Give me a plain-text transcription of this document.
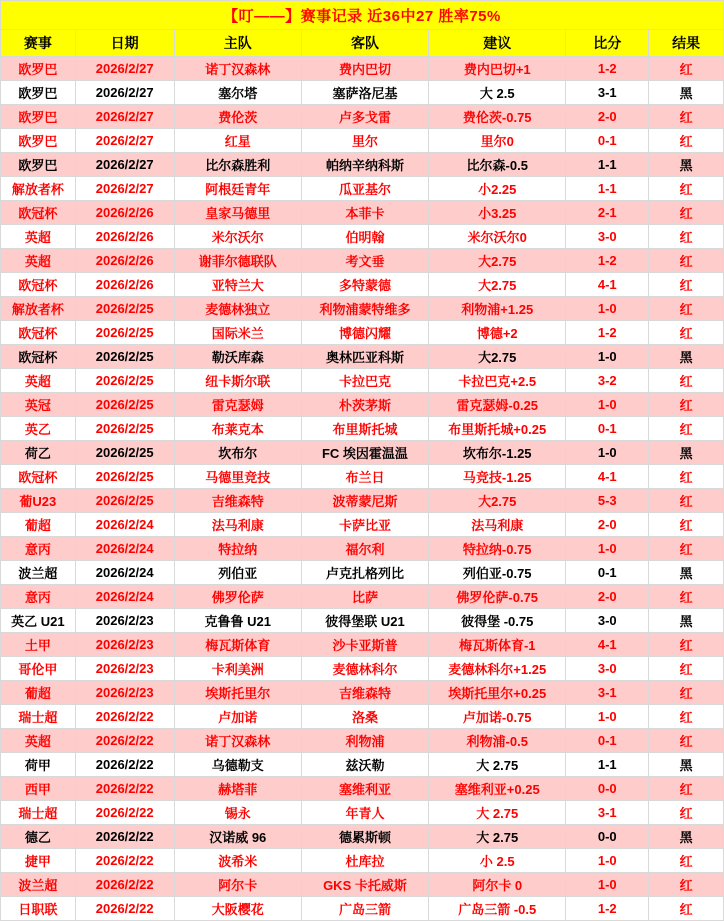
【叮——】赛事记录 近36中27 胜率75%						
赛事	日期	主队	客队	建议	比分	结果
欧罗巴	2026/2/27	诺丁汉森林	费内巴切	费内巴切+1	1-2	红
欧罗巴	2026/2/27	塞尔塔	塞萨洛尼基	大 2.5	3-1	黑
欧罗巴	2026/2/27	费伦茨	卢多戈雷	费伦茨-0.75	2-0	红
欧罗巴	2026/2/27	红星	里尔	里尔0	0-1	红
欧罗巴	2026/2/27	比尔森胜利	帕纳辛纳科斯	比尔森-0.5	1-1	黑
解放者杯	2026/2/27	阿根廷青年	瓜亚基尔	小2.25	1-1	红
欧冠杯	2026/2/26	皇家马德里	本菲卡	小3.25	2-1	红
英超	2026/2/26	米尔沃尔	伯明翰	米尔沃尔0	3-0	红
英超	2026/2/26	谢菲尔德联队	考文垂	大2.75	1-2	红
欧冠杯	2026/2/26	亚特兰大	多特蒙德	大2.75	4-1	红
解放者杯	2026/2/25	麦德林独立	利物浦蒙特维多	利物浦+1.25	1-0	红
欧冠杯	2026/2/25	国际米兰	博德闪耀	博德+2	1-2	红
欧冠杯	2026/2/25	勒沃库森	奥林匹亚科斯	大2.75	1-0	黑
英超	2026/2/25	纽卡斯尔联	卡拉巴克	卡拉巴克+2.5	3-2	红
英冠	2026/2/25	雷克瑟姆	朴茨茅斯	雷克瑟姆-0.25	1-0	红
英乙	2026/2/25	布莱克本	布里斯托城	布里斯托城+0.25	0-1	红
荷乙	2026/2/25	坎布尔	FC 埃因霍温温	坎布尔-1.25	1-0	黑
欧冠杯	2026/2/25	马德里竞技	布兰日	马竞技-1.25	4-1	红
葡U23	2026/2/25	吉维森特	波蒂蒙尼斯	大2.75	5-3	红
葡超	2026/2/24	法马利康	卡萨比亚	法马利康	2-0	红
意丙	2026/2/24	特拉纳	福尔利	特拉纳-0.75	1-0	红
波兰超	2026/2/24	列伯亚	卢克扎格列比	列伯亚-0.75	0-1	黑
意丙	2026/2/24	佛罗伦萨	比萨	佛罗伦萨-0.75	2-0	红
英乙 U21	2026/2/23	克鲁鲁 U21	彼得堡联 U21	彼得堡 -0.75	3-0	黑
土甲	2026/2/23	梅瓦斯体育	沙卡亚斯普	梅瓦斯体育-1	4-1	红
哥伦甲	2026/2/23	卡利美洲	麦德林科尔	麦德林科尔+1.25	3-0	红
葡超	2026/2/23	埃斯托里尔	吉维森特	埃斯托里尔+0.25	3-1	红
瑞士超	2026/2/22	卢加诺	洛桑	卢加诺-0.75	1-0	红
英超	2026/2/22	诺丁汉森林	利物浦	利物浦-0.5	0-1	红
荷甲	2026/2/22	乌德勒支	兹沃勒	大 2.75	1-1	黑
西甲	2026/2/22	赫塔菲	塞维利亚	塞维利亚+0.25	0-0	红
瑞士超	2026/2/22	锡永	年青人	大 2.75	3-1	红
德乙	2026/2/22	汉诺威 96	德累斯顿	大 2.75	0-0	黑
捷甲	2026/2/22	波希米	杜库拉	小 2.5	1-0	红
波兰超	2026/2/22	阿尔卡	GKS 卡托威斯	阿尔卡 0	1-0	红
日职联	2026/2/22	大阪樱花	广岛三箭	广岛三箭 -0.5	1-2	红
